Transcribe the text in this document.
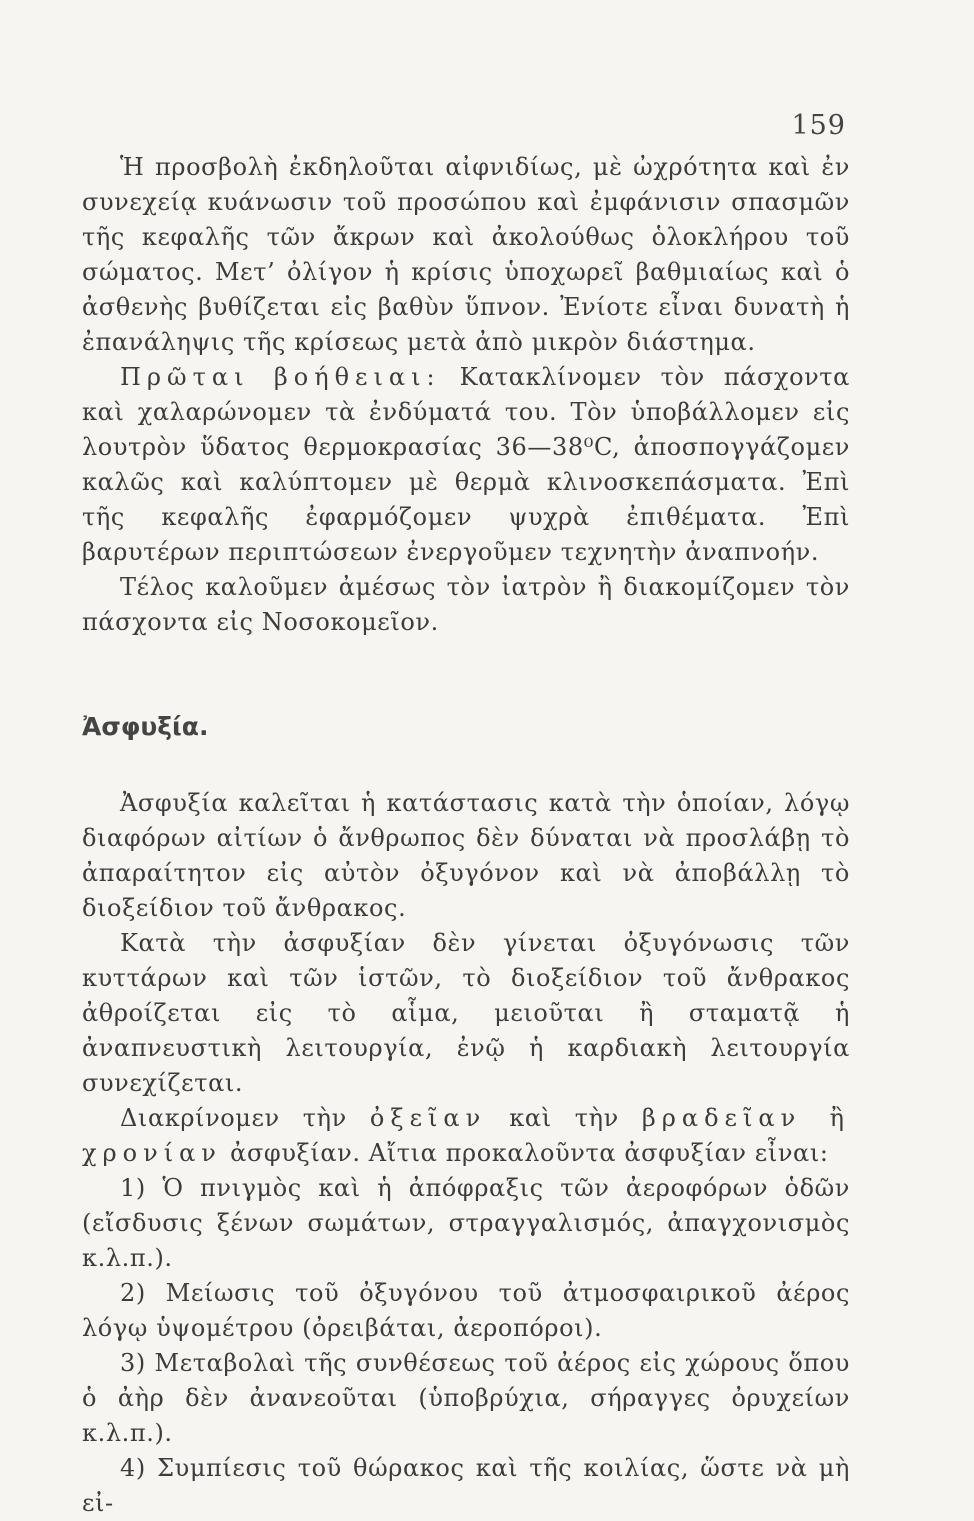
159

Ἡ προσβολὴ ἐκδηλοῦται αἰφνιδίως, μὲ ὠχρότητα καὶ ἐν συνεχείᾳ κυάνωσιν τοῦ προσώπου καὶ ἐμφάνισιν σπασμῶν τῆς κεφαλῆς τῶν ἄκρων καὶ ἀκολούθως ὁλοκλήρου τοῦ σώματος. Μετ’ ὀλίγον ἡ κρίσις ὑποχωρεῖ βαθμιαίως καὶ ὁ ἀσθενὴς βυθίζεται εἰς βαθὺν ὕπνον. Ἐνίοτε εἶναι δυνατὴ ἡ ἐπανάληψις τῆς κρίσεως μετὰ ἀπὸ μικρὸν διάστημα.

Πρῶται βοήθειαι: Κατακλίνομεν τὸν πάσχοντα καὶ χαλαρώνομεν τὰ ἐνδύματά του. Τὸν ὑποβάλλομεν εἰς λουτρὸν ὕδατος θερμοκρασίας 36—38⁰C, ἀποσπογγάζομεν καλῶς καὶ καλύπτομεν μὲ θερμὰ κλινοσκεπάσματα. Ἐπὶ τῆς κεφαλῆς ἐφαρμόζομεν ψυχρὰ ἐπιθέματα. Ἐπὶ βαρυτέρων περιπτώσεων ἐνεργοῦμεν τεχνητὴν ἀναπνοήν.

Τέλος καλοῦμεν ἀμέσως τὸν ἰατρὸν ἢ διακομίζομεν τὸν πάσχοντα εἰς Νοσοκομεῖον.

Ἀσφυξία.

Ἀσφυξία καλεῖται ἡ κατάστασις κατὰ τὴν ὁποίαν, λόγῳ διαφόρων αἰτίων ὁ ἄνθρωπος δὲν δύναται νὰ προσλάβῃ τὸ ἀπαραίτητον εἰς αὐτὸν ὀξυγόνον καὶ νὰ ἀποβάλλῃ τὸ διοξείδιον τοῦ ἄνθρακος.

Κατὰ τὴν ἀσφυξίαν δὲν γίνεται ὀξυγόνωσις τῶν κυττάρων καὶ τῶν ἱστῶν, τὸ διοξείδιον τοῦ ἄνθρακος ἀθροίζεται εἰς τὸ αἷμα, μειοῦται ἢ σταματᾷ ἡ ἀναπνευστικὴ λειτουργία, ἐνῷ ἡ καρδιακὴ λειτουργία συνεχίζεται.

Διακρίνομεν τὴν ὀξεῖαν καὶ τὴν βραδεῖαν ἢ χρονίαν ἀσφυξίαν. Αἴτια προκαλοῦντα ἀσφυξίαν εἶναι:

1) Ὁ πνιγμὸς καὶ ἡ ἀπόφραξις τῶν ἀεροφόρων ὁδῶν (εἴσδυσις ξένων σωμάτων, στραγγαλισμός, ἀπαγχονισμὸς κ.λ.π.).

2) Μείωσις τοῦ ὀξυγόνου τοῦ ἀτμοσφαιρικοῦ ἀέρος λόγῳ ὑψομέτρου (ὀρειβάται, ἀεροπόροι).

3) Μεταβολαὶ τῆς συνθέσεως τοῦ ἀέρος εἰς χώρους ὅπου ὁ ἀὴρ δὲν ἀνανεοῦται (ὑποβρύχια, σήραγγες ὀρυχείων κ.λ.π.).

4) Συμπίεσις τοῦ θώρακος καὶ τῆς κοιλίας, ὥστε νὰ μὴ εἰ-
